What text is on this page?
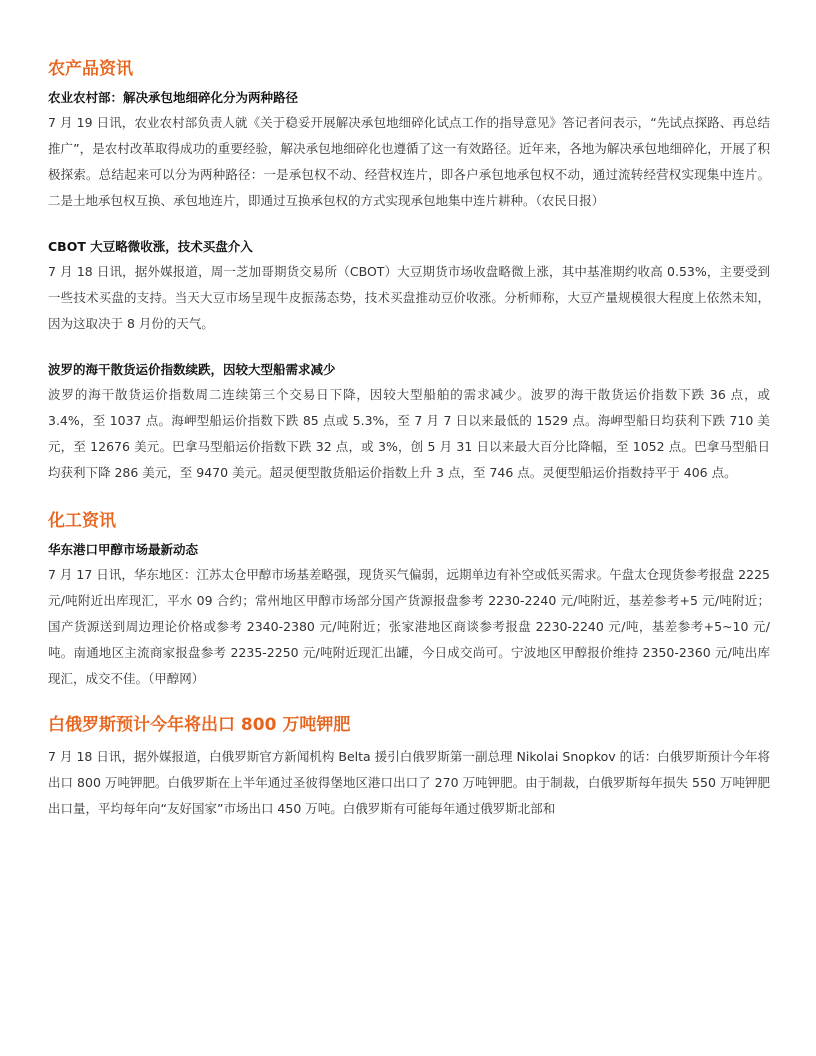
农产品资讯
农业农村部：解决承包地细碎化分为两种路径

7 月 19 日讯，农业农村部负责人就《关于稳妥开展解决承包地细碎化试点工作的指导意见》答记者问表示，“先试点探路、再总结推广”，是农村改革取得成功的重要经验，解决承包地细碎化也遵循了这一有效路径。近年来，各地为解决承包地细碎化，开展了积极探索。总结起来可以分为两种路径：一是承包权不动、经营权连片，即各户承包地承包权不动，通过流转经营权实现集中连片。二是土地承包权互换、承包地连片，即通过互换承包权的方式实现承包地集中连片耕种。（农民日报）

CBOT 大豆略微收涨，技术买盘介入

7 月 18 日讯，据外媒报道，周一芝加哥期货交易所（CBOT）大豆期货市场收盘略微上涨，其中基准期约收高 0.53%，主要受到一些技术买盘的支持。当天大豆市场呈现牛皮振荡态势，技术买盘推动豆价收涨。分析师称，大豆产量规模很大程度上依然未知，因为这取决于 8 月份的天气。

波罗的海干散货运价指数续跌，因较大型船需求减少

波罗的海干散货运价指数周二连续第三个交易日下降，因较大型船舶的需求减少。波罗的海干散货运价指数下跌 36 点，或 3.4%，至 1037 点。海岬型船运价指数下跌 85 点或 5.3%，至 7 月 7 日以来最低的 1529 点。海岬型船日均获利下跌 710 美元，至 12676 美元。巴拿马型船运价指数下跌 32 点，或 3%，创 5 月 31 日以来最大百分比降幅，至 1052 点。巴拿马型船日均获利下降 286 美元，至 9470 美元。超灵便型散货船运价指数上升 3 点，至 746 点。灵便型船运价指数持平于 406 点。

化工资讯
华东港口甲醇市场最新动态

7 月 17 日讯，华东地区：江苏太仓甲醇市场基差略强，现货买气偏弱，远期单边有补空或低买需求。午盘太仓现货参考报盘 2225 元/吨附近出库现汇，平水 09 合约；常州地区甲醇市场部分国产货源报盘参考 2230-2240 元/吨附近，基差参考+5 元/吨附近；国产货源送到周边理论价格或参考 2340-2380 元/吨附近；张家港地区商谈参考报盘 2230-2240 元/吨，基差参考+5~10 元/吨。南通地区主流商家报盘参考 2235-2250 元/吨附近现汇出罐，今日成交尚可。宁波地区甲醇报价维持 2350-2360 元/吨出库现汇，成交不佳。（甲醇网）

白俄罗斯预计今年将出口 800 万吨钾肥

7 月 18 日讯，据外媒报道，白俄罗斯官方新闻机构 Belta 援引白俄罗斯第一副总理 Nikolai Snopkov 的话：白俄罗斯预计今年将出口 800 万吨钾肥。白俄罗斯在上半年通过圣彼得堡地区港口出口了 270 万吨钾肥。由于制裁，白俄罗斯每年损失 550 万吨钾肥出口量，平均每年向“友好国家”市场出口 450 万吨。白俄罗斯有可能每年通过俄罗斯北部和
